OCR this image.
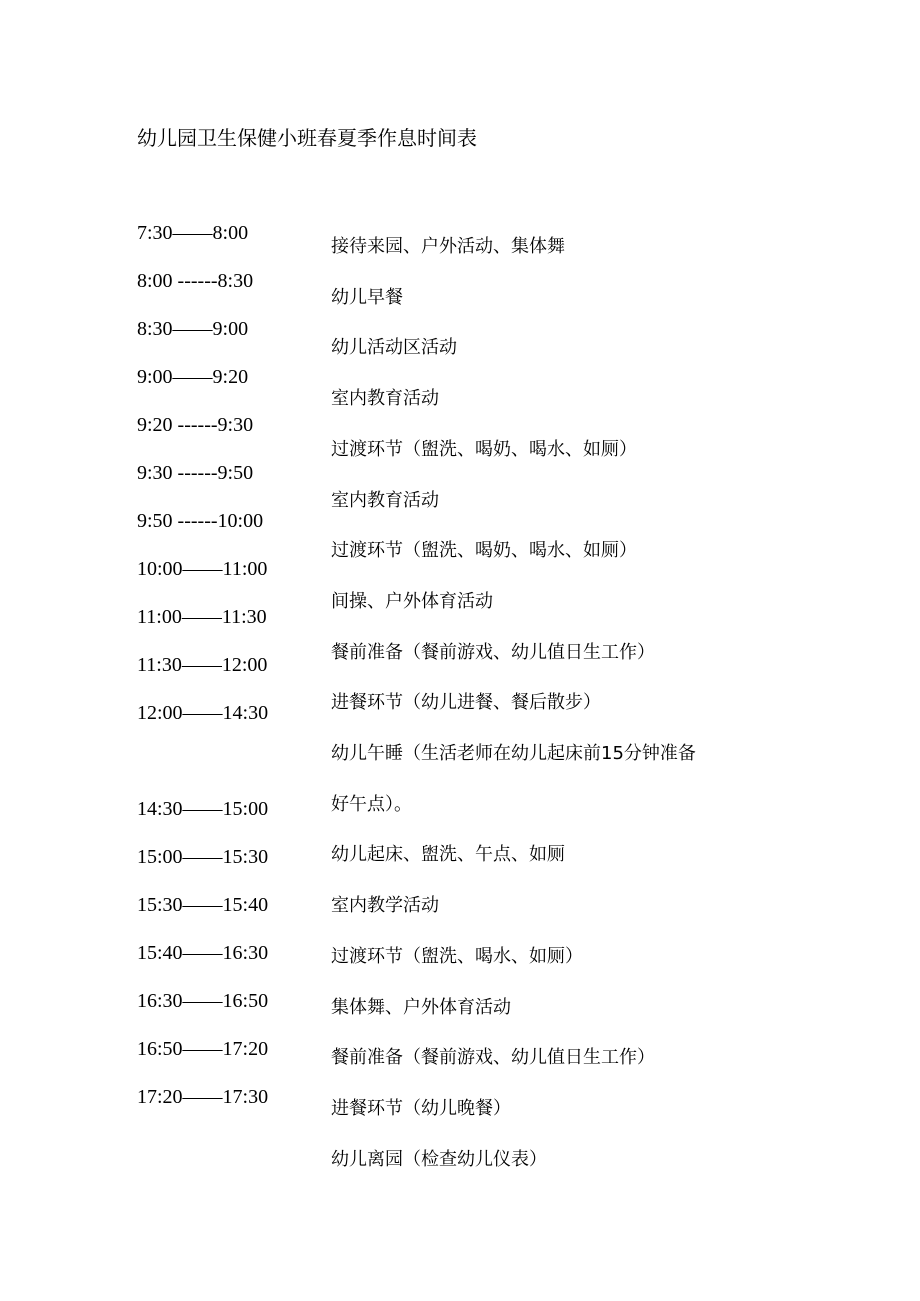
幼儿园卫生保健小班春夏季作息时间表
7:30——8:00
8:00 ------8:30
8:30——9:00
9:00——9:20
9:20 ------9:30
9:30 ------9:50
9:50 ------10:00
10:00——11:00
11:00——11:30
11:30——12:00
12:00——14:30
14:30——15:00
15:00——15:30
15:30——15:40
15:40——16:30
16:30——16:50
16:50——17:20
17:20——17:30
接待来园、户外活动、集体舞
幼儿早餐
幼儿活动区活动
室内教育活动
过渡环节（盥洗、喝奶、喝水、如厕）
室内教育活动
过渡环节（盥洗、喝奶、喝水、如厕）
间操、户外体育活动
餐前准备（餐前游戏、幼儿值日生工作）
进餐环节（幼儿进餐、餐后散步）
幼儿午睡（生活老师在幼儿起床前15分钟准备
好午点）。
幼儿起床、盥洗、午点、如厕
室内教学活动
过渡环节（盥洗、喝水、如厕）
集体舞、户外体育活动
餐前准备（餐前游戏、幼儿值日生工作）
进餐环节（幼儿晚餐）
幼儿离园（检查幼儿仪表）
